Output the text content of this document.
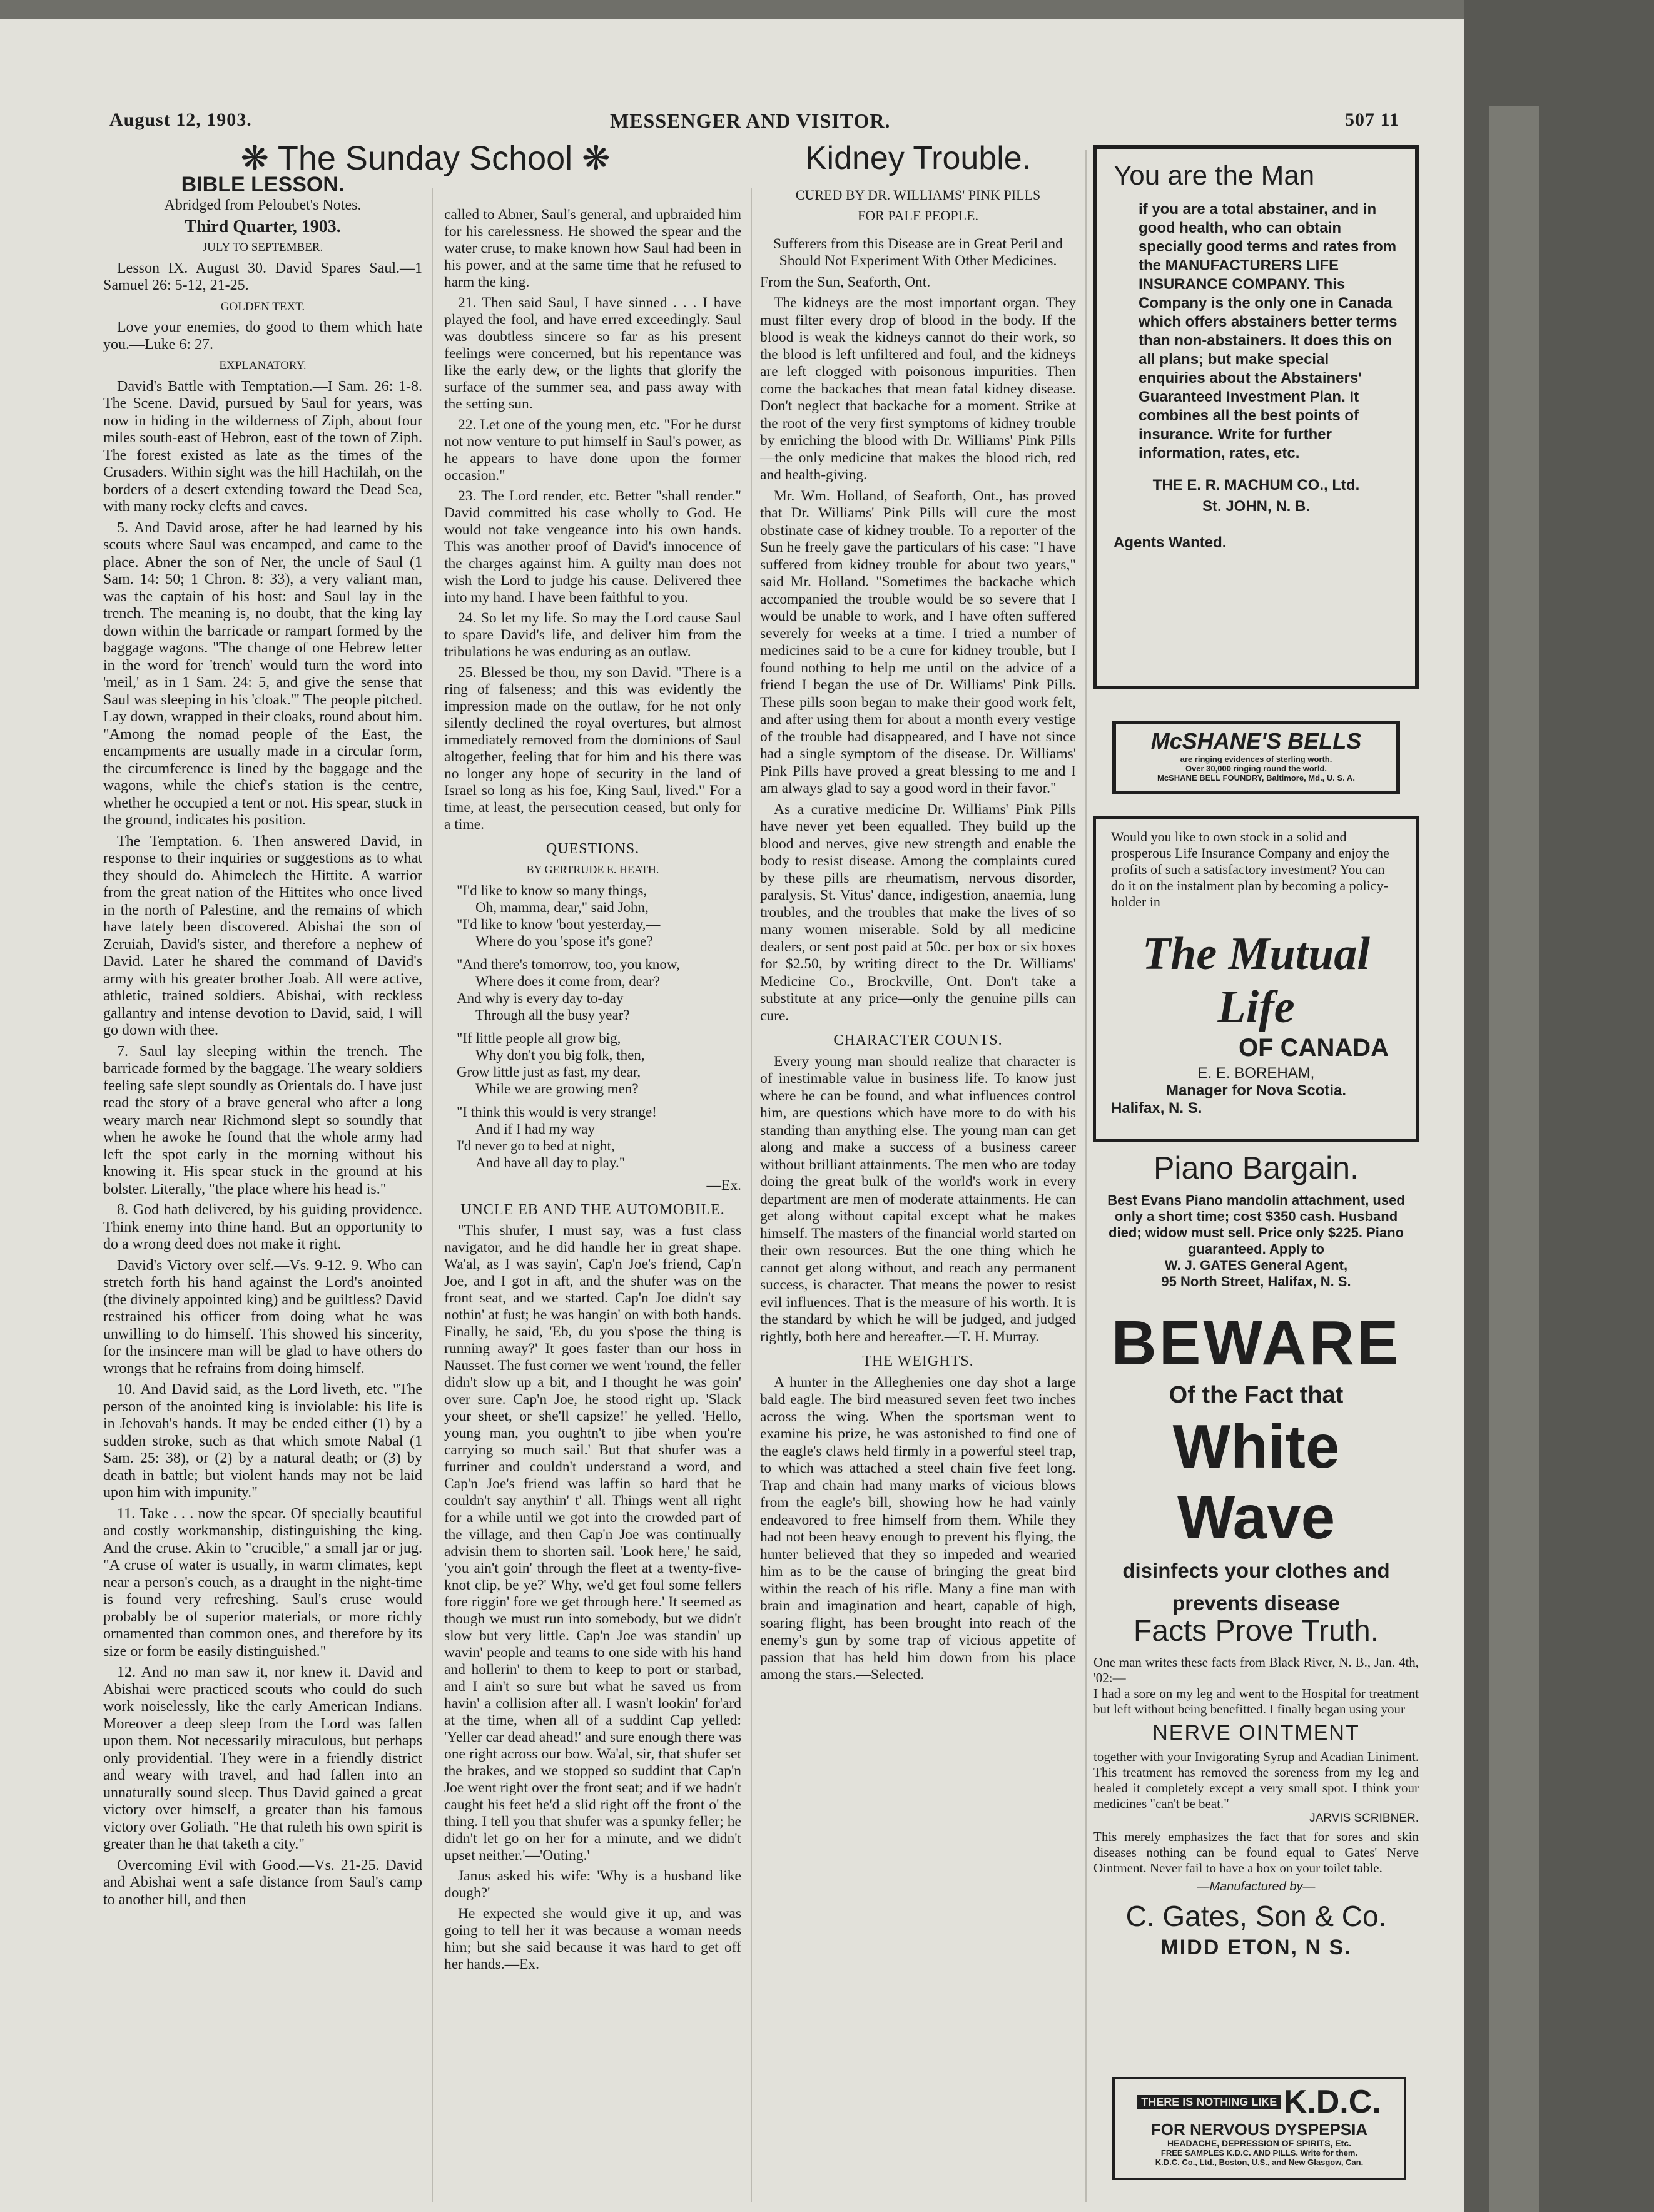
August 12, 1903.	MESSENGER AND VISITOR.	507 11
❋ The Sunday School ❋
BIBLE LESSON.

Abridged from Peloubet's Notes.

Third Quarter, 1903.

JULY TO SEPTEMBER.

Lesson IX. August 30. David Spares Saul.—1 Samuel 26: 5-12, 21-25.

GOLDEN TEXT.

Love your enemies, do good to them which hate you.—Luke 6: 27.

EXPLANATORY.

David's Battle with Temptation.—I Sam. 26: 1-8. The Scene. David, pursued by Saul for years, was now in hiding in the wilderness of Ziph, about four miles south-east of Hebron, east of the town of Ziph. The forest existed as late as the times of the Crusaders. Within sight was the hill Hachilah, on the borders of a desert extending toward the Dead Sea, with many rocky clefts and caves.

5. And David arose, after he had learned by his scouts where Saul was encamped, and came to the place. Abner the son of Ner, the uncle of Saul (1 Sam. 14: 50; 1 Chron. 8: 33), a very valiant man, was the captain of his host: and Saul lay in the trench. The meaning is, no doubt, that the king lay down within the barricade or rampart formed by the baggage wagons. "The change of one Hebrew letter in the word for 'trench' would turn the word into 'meil,' as in 1 Sam. 24: 5, and give the sense that Saul was sleeping in his 'cloak.'" The people pitched. Lay down, wrapped in their cloaks, round about him. "Among the nomad people of the East, the encampments are usually made in a circular form, the circumference is lined by the baggage and the wagons, while the chief's station is the centre, whether he occupied a tent or not. His spear, stuck in the ground, indicates his position.

The Temptation. 6. Then answered David, in response to their inquiries or suggestions as to what they should do. Ahimelech the Hittite. A warrior from the great nation of the Hittites who once lived in the north of Palestine, and the remains of which have lately been discovered. Abishai the son of Zeruiah, David's sister, and therefore a nephew of David. Later he shared the command of David's army with his greater brother Joab. All were active, athletic, trained soldiers. Abishai, with reckless gallantry and intense devotion to David, said, I will go down with thee.

7. Saul lay sleeping within the trench. The barricade formed by the baggage. The weary soldiers feeling safe slept soundly as Orientals do. I have just read the story of a brave general who after a long weary march near Richmond slept so soundly that when he awoke he found that the whole army had left the spot early in the morning without his knowing it. His spear stuck in the ground at his bolster. Literally, "the place where his head is."

8. God hath delivered, by his guiding providence. Think enemy into thine hand. But an opportunity to do a wrong deed does not make it right.

David's Victory over self.—Vs. 9-12. 9. Who can stretch forth his hand against the Lord's anointed (the divinely appointed king) and be guiltless? David restrained his officer from doing what he was unwilling to do himself. This showed his sincerity, for the insincere man will be glad to have others do wrongs that he refrains from doing himself.

10. And David said, as the Lord liveth, etc. "The person of the anointed king is inviolable: his life is in Jehovah's hands. It may be ended either (1) by a sudden stroke, such as that which smote Nabal (1 Sam. 25: 38), or (2) by a natural death; or (3) by death in battle; but violent hands may not be laid upon him with impunity."

11. Take . . . now the spear. Of specially beautiful and costly workmanship, distinguishing the king. And the cruse. Akin to "crucible," a small jar or jug. "A cruse of water is usually, in warm climates, kept near a person's couch, as a draught in the night-time is found very refreshing. Saul's cruse would probably be of superior materials, or more richly ornamented than common ones, and therefore by its size or form be easily distinguished."

12. And no man saw it, nor knew it. David and Abishai were practiced scouts who could do such work noiselessly, like the early American Indians. Moreover a deep sleep from the Lord was fallen upon them. Not necessarily miraculous, but perhaps only providential. They were in a friendly district and weary with travel, and had fallen into an unnaturally sound sleep. Thus David gained a great victory over himself, a greater than his famous victory over Goliath. "He that ruleth his own spirit is greater than he that taketh a city."

Overcoming Evil with Good.—Vs. 21-25. David and Abishai went a safe distance from Saul's camp to another hill, and then

called to Abner, Saul's general, and upbraided him for his carelessness. He showed the spear and the water cruse, to make known how Saul had been in his power, and at the same time that he refused to harm the king.

21. Then said Saul, I have sinned . . . I have played the fool, and have erred exceedingly. Saul was doubtless sincere so far as his present feelings were concerned, but his repentance was like the early dew, or the lights that glorify the surface of the summer sea, and pass away with the setting sun.

22. Let one of the young men, etc. "For he durst not now venture to put himself in Saul's power, as he appears to have done upon the former occasion."

23. The Lord render, etc. Better "shall render." David committed his case wholly to God. He would not take vengeance into his own hands. This was another proof of David's innocence of the charges against him. A guilty man does not wish the Lord to judge his cause. Delivered thee into my hand. I have been faithful to you.

24. So let my life. So may the Lord cause Saul to spare David's life, and deliver him from the tribulations he was enduring as an outlaw.

25. Blessed be thou, my son David. "There is a ring of falseness; and this was evidently the impression made on the outlaw, for he not only silently declined the royal overtures, but almost immediately removed from the dominions of Saul altogether, feeling that for him and his there was no longer any hope of security in the land of Israel so long as his foe, King Saul, lived." For a time, at least, the persecution ceased, but only for a time.

QUESTIONS.

BY GERTRUDE E. HEATH.

"I'd like to know so many things,
Oh, mamma, dear," said John,
"I'd like to know 'bout yesterday,—
Where do you 'spose it's gone?
"And there's tomorrow, too, you know,
Where does it come from, dear?
And why is every day to-day
Through all the busy year?
"If little people all grow big,
Why don't you big folk, then,
Grow little just as fast, my dear,
While we are growing men?
"I think this would is very strange!
And if I had my way
I'd never go to bed at night,
And have all day to play."

—Ex.

UNCLE EB AND THE AUTOMOBILE.

"This shufer, I must say, was a fust class navigator, and he did handle her in great shape. Wa'al, as I was sayin', Cap'n Joe's friend, Cap'n Joe, and I got in aft, and the shufer was on the front seat, and we started. Cap'n Joe didn't say nothin' at fust; he was hangin' on with both hands. Finally, he said, 'Eb, du you s'pose the thing is running away?' It goes faster than our hoss in Nausset. The fust corner we went 'round, the feller didn't slow up a bit, and I thought he was goin' over sure. Cap'n Joe, he stood right up. 'Slack your sheet, or she'll capsize!' he yelled. 'Hello, young man, you oughtn't to jibe when you're carrying so much sail.' But that shufer was a furriner and couldn't understand a word, and Cap'n Joe's friend was laffin so hard that he couldn't say anythin' t' all. Things went all right for a while until we got into the crowded part of the village, and then Cap'n Joe was continually advisin them to shorten sail. 'Look here,' he said, 'you ain't goin' through the fleet at a twenty-five-knot clip, be ye?' Why, we'd get foul some fellers fore riggin' fore we get through here.' It seemed as though we must run into somebody, but we didn't slow but very little. Cap'n Joe was standin' up wavin' people and teams to one side with his hand and hollerin' to them to keep to port or starbad, and I ain't so sure but what he saved us from havin' a collision after all. I wasn't lookin' for'ard at the time, when all of a suddint Cap yelled: 'Yeller car dead ahead!' and sure enough there was one right across our bow. Wa'al, sir, that shufer set the brakes, and we stopped so suddint that Cap'n Joe went right over the front seat; and if we hadn't caught his feet he'd a slid right off the front o' the thing. I tell you that shufer was a spunky feller; he didn't let go on her for a minute, and we didn't upset neither.'—'Outing.'

Janus asked his wife: 'Why is a husband like dough?'

He expected she would give it up, and was going to tell her it was because a woman needs him; but she said because it was hard to get off her hands.—Ex.

Kidney Trouble.

CURED BY DR. WILLIAMS' PINK PILLS

FOR PALE PEOPLE.

Sufferers from this Disease are in Great Peril and Should Not Experiment With Other Medicines.

From the Sun, Seaforth, Ont.

The kidneys are the most important organ. They must filter every drop of blood in the body. If the blood is weak the kidneys cannot do their work, so the blood is left unfiltered and foul, and the kidneys are left clogged with poisonous impurities. Then come the backaches that mean fatal kidney disease. Don't neglect that backache for a moment. Strike at the root of the very first symptoms of kidney trouble by enriching the blood with Dr. Williams' Pink Pills—the only medicine that makes the blood rich, red and health-giving.

Mr. Wm. Holland, of Seaforth, Ont., has proved that Dr. Williams' Pink Pills will cure the most obstinate case of kidney trouble. To a reporter of the Sun he freely gave the particulars of his case: "I have suffered from kidney trouble for about two years," said Mr. Holland. "Sometimes the backache which accompanied the trouble would be so severe that I would be unable to work, and I have often suffered severely for weeks at a time. I tried a number of medicines said to be a cure for kidney trouble, but I found nothing to help me until on the advice of a friend I began the use of Dr. Williams' Pink Pills. These pills soon began to make their good work felt, and after using them for about a month every vestige of the trouble had disappeared, and I have not since had a single symptom of the disease. Dr. Williams' Pink Pills have proved a great blessing to me and I am always glad to say a good word in their favor."

As a curative medicine Dr. Williams' Pink Pills have never yet been equalled. They build up the blood and nerves, give new strength and enable the body to resist disease. Among the complaints cured by these pills are rheumatism, nervous disorder, paralysis, St. Vitus' dance, indigestion, anaemia, lung troubles, and the troubles that make the lives of so many women miserable. Sold by all medicine dealers, or sent post paid at 50c. per box or six boxes for $2.50, by writing direct to the Dr. Williams' Medicine Co., Brockville, Ont. Don't take a substitute at any price—only the genuine pills can cure.

CHARACTER COUNTS.

Every young man should realize that character is of inestimable value in business life. To know just where he can be found, and what influences control him, are questions which have more to do with his standing than anything else. The young man can get along and make a success of a business career without brilliant attainments. The men who are today doing the great bulk of the world's work in every department are men of moderate attainments. He can get along without capital except what he makes himself. The masters of the financial world started on their own resources. But the one thing which he cannot get along without, and reach any permanent success, is character. That means the power to resist evil influences. That is the measure of his worth. It is the standard by which he will be judged, and judged rightly, both here and hereafter.—T. H. Murray.

THE WEIGHTS.

A hunter in the Alleghenies one day shot a large bald eagle. The bird measured seven feet two inches across the wing. When the sportsman went to examine his prize, he was astonished to find one of the eagle's claws held firmly in a powerful steel trap, to which was attached a steel chain five feet long. Trap and chain had many marks of vicious blows from the eagle's bill, showing how he had vainly endeavored to free himself from them. While they had not been heavy enough to prevent his flying, the hunter believed that they so impeded and wearied him as to be the cause of bringing the great bird within the reach of his rifle. Many a fine man with brain and imagination and heart, capable of high, soaring flight, has been brought into reach of the enemy's gun by some trap of vicious appetite of passion that has held him down from his place among the stars.—Selected.

You are the Man
if you are a total abstainer, and in good health, who can obtain specially good terms and rates from the MANUFACTURERS LIFE INSURANCE COMPANY. This Company is the only one in Canada which offers abstainers better terms than non-abstainers. It does this on all plans; but make special enquiries about the Abstainers' Guaranteed Investment Plan. It combines all the best points of insurance. Write for further information, rates, etc.
THE E. R. MACHUM CO., Ltd.
St. JOHN, N. B.
Agents Wanted.
McSHANE'S BELLS
are ringing evidences of sterling worth.
Over 30,000 ringing round the world.
McSHANE BELL FOUNDRY, Baltimore, Md., U. S. A.
Would you like to own stock in a solid and prosperous Life Insurance Company and enjoy the profits of such a satisfactory investment? You can do it on the instalment plan by becoming a policy-holder in
The Mutual Life
OF CANADA
E. E. BOREHAM,
Manager for Nova Scotia.
Halifax, N. S.
Piano Bargain.
Best Evans Piano mandolin attachment, used only a short time; cost $350 cash. Husband died; widow must sell. Price only $225. Piano guaranteed. Apply to
W. J. GATES General Agent,
95 North Street, Halifax, N. S.
BEWARE
Of the Fact that
White Wave
disinfects your clothes and
prevents disease
Facts Prove Truth.
One man writes these facts from Black River, N. B., Jan. 4th, '02:—
I had a sore on my leg and went to the Hospital for treatment but left without being benefitted. I finally began using your
NERVE OINTMENT
together with your Invigorating Syrup and Acadian Liniment. This treatment has removed the soreness from my leg and healed it completely except a very small spot. I think your medicines "can't be beat."
JARVIS SCRIBNER.
This merely emphasizes the fact that for sores and skin diseases nothing can be found equal to Gates' Nerve Ointment. Never fail to have a box on your toilet table.
—Manufactured by—
C. Gates, Son & Co.
MIDD ETON, N S.
THERE IS NOTHING LIKE K.D.C.
FOR NERVOUS DYSPEPSIA
HEADACHE, DEPRESSION OF SPIRITS, Etc.
FREE SAMPLES K.D.C. AND PILLS. Write for them.
K.D.C. Co., Ltd., Boston, U.S., and New Glasgow, Can.
